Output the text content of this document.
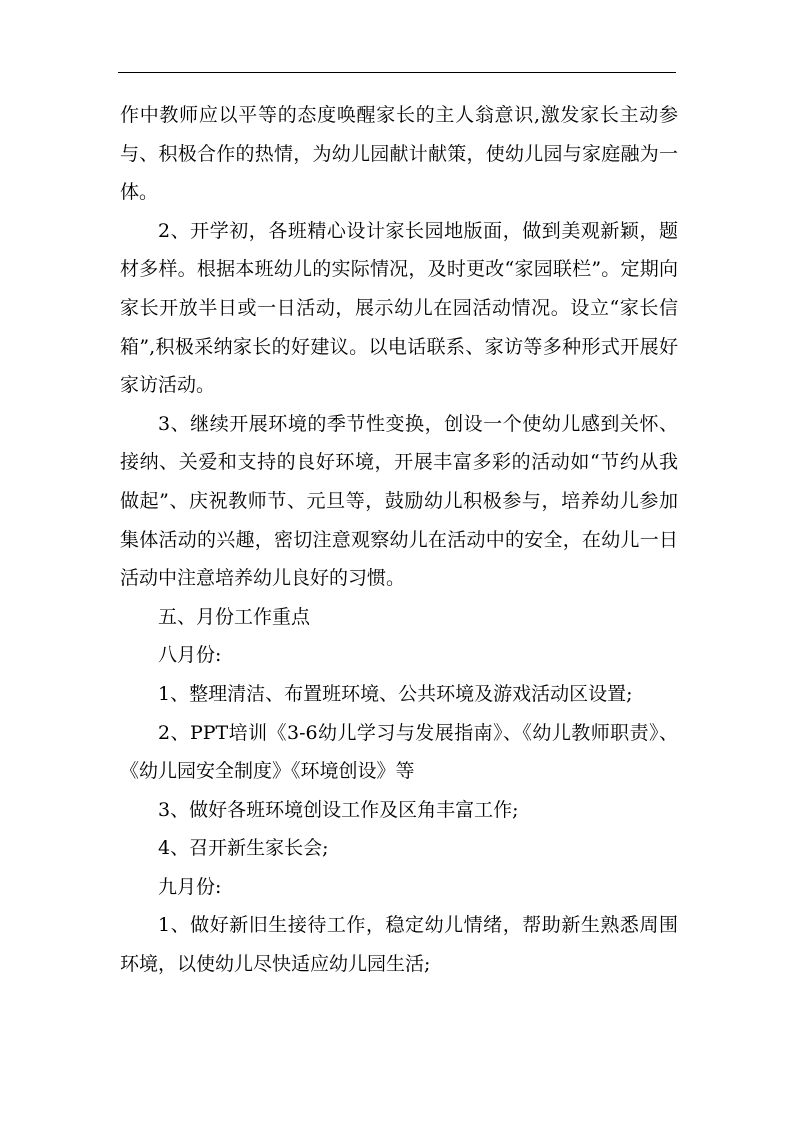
作中教师应以平等的态度唤醒家长的主人翁意识,激发家长主动参与、积极合作的热情，为幼儿园献计献策，使幼儿园与家庭融为一体。

2、开学初，各班精心设计家长园地版面，做到美观新颖，题材多样。根据本班幼儿的实际情况，及时更改“家园联栏”。定期向家长开放半日或一日活动，展示幼儿在园活动情况。设立“家长信箱”,积极采纳家长的好建议。以电话联系、家访等多种形式开展好家访活动。

3、继续开展环境的季节性变换，创设一个使幼儿感到关怀、接纳、关爱和支持的良好环境，开展丰富多彩的活动如“节约从我做起”、庆祝教师节、元旦等，鼓励幼儿积极参与，培养幼儿参加集体活动的兴趣，密切注意观察幼儿在活动中的安全，在幼儿一日活动中注意培养幼儿良好的习惯。

五、月份工作重点

八月份:

1、整理清洁、布置班环境、公共环境及游戏活动区设置;

2、PPT培训《3-6幼儿学习与发展指南》、《幼儿教师职责》、《幼儿园安全制度》《环境创设》等

3、做好各班环境创设工作及区角丰富工作;

4、召开新生家长会;

九月份:

1、做好新旧生接待工作，稳定幼儿情绪，帮助新生熟悉周围环境，以使幼儿尽快适应幼儿园生活;
